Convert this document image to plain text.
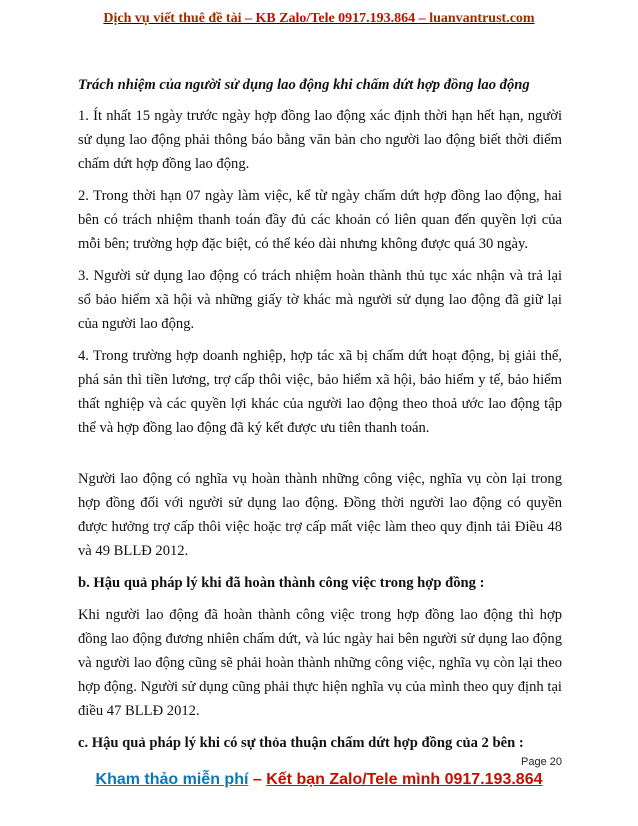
Dịch vụ viết thuê đề tài – KB Zalo/Tele 0917.193.864 – luanvantrust.com

Trách nhiệm của người sử dụng lao động khi chấm dứt hợp đồng lao động

1. Ít nhất 15 ngày trước ngày hợp đồng lao động xác định thời hạn hết hạn, người sử dụng lao động phải thông báo bằng văn bản cho người lao động biết thời điểm chấm dứt hợp đồng lao động.

2. Trong thời hạn 07 ngày làm việc, kể từ ngày chấm dứt hợp đồng lao động, hai bên có trách nhiệm thanh toán đầy đủ các khoản có liên quan đến quyền lợi của mỗi bên; trường hợp đặc biệt, có thể kéo dài nhưng không được quá 30 ngày.

3. Người sử dụng lao động có trách nhiệm hoàn thành thủ tục xác nhận và trả lại sổ bảo hiểm xã hội và những giấy tờ khác mà người sử dụng lao động đã giữ lại của người lao động.

4. Trong trường hợp doanh nghiệp, hợp tác xã bị chấm dứt hoạt động, bị giải thể, phá sản thì tiền lương, trợ cấp thôi việc, bảo hiểm xã hội, bảo hiểm y tế, bảo hiểm thất nghiệp và các quyền lợi khác của người lao động theo thoả ước lao động tập thể và hợp đồng lao động đã ký kết được ưu tiên thanh toán.

Người lao động có nghĩa vụ hoàn thành những công việc, nghĩa vụ còn lại trong hợp đồng đối với người sử dụng lao động. Đồng thời người lao động có quyền được hưởng trợ cấp thôi việc hoặc trợ cấp mất việc làm theo quy định tải Điều 48 và 49 BLLĐ 2012.

b. Hậu quả pháp lý khi đã hoàn thành công việc trong hợp đồng :

Khi người lao động đã hoàn thành công việc trong hợp đồng lao động thì hợp đồng lao động đương nhiên chấm dứt, và lúc ngày hai bên người sử dụng lao động và người lao động cũng sẽ phải hoàn thành những công việc, nghĩa vụ còn lại theo hợp động. Người sử dụng cũng phải thực hiện nghĩa vụ của mình theo quy định tại điều 47 BLLĐ 2012.

c. Hậu quả pháp lý khi có sự thỏa thuận chấm dứt hợp đồng của 2 bên :

Page 20
Kham thảo miễn phí – Kết bạn Zalo/Tele mình 0917.193.864
